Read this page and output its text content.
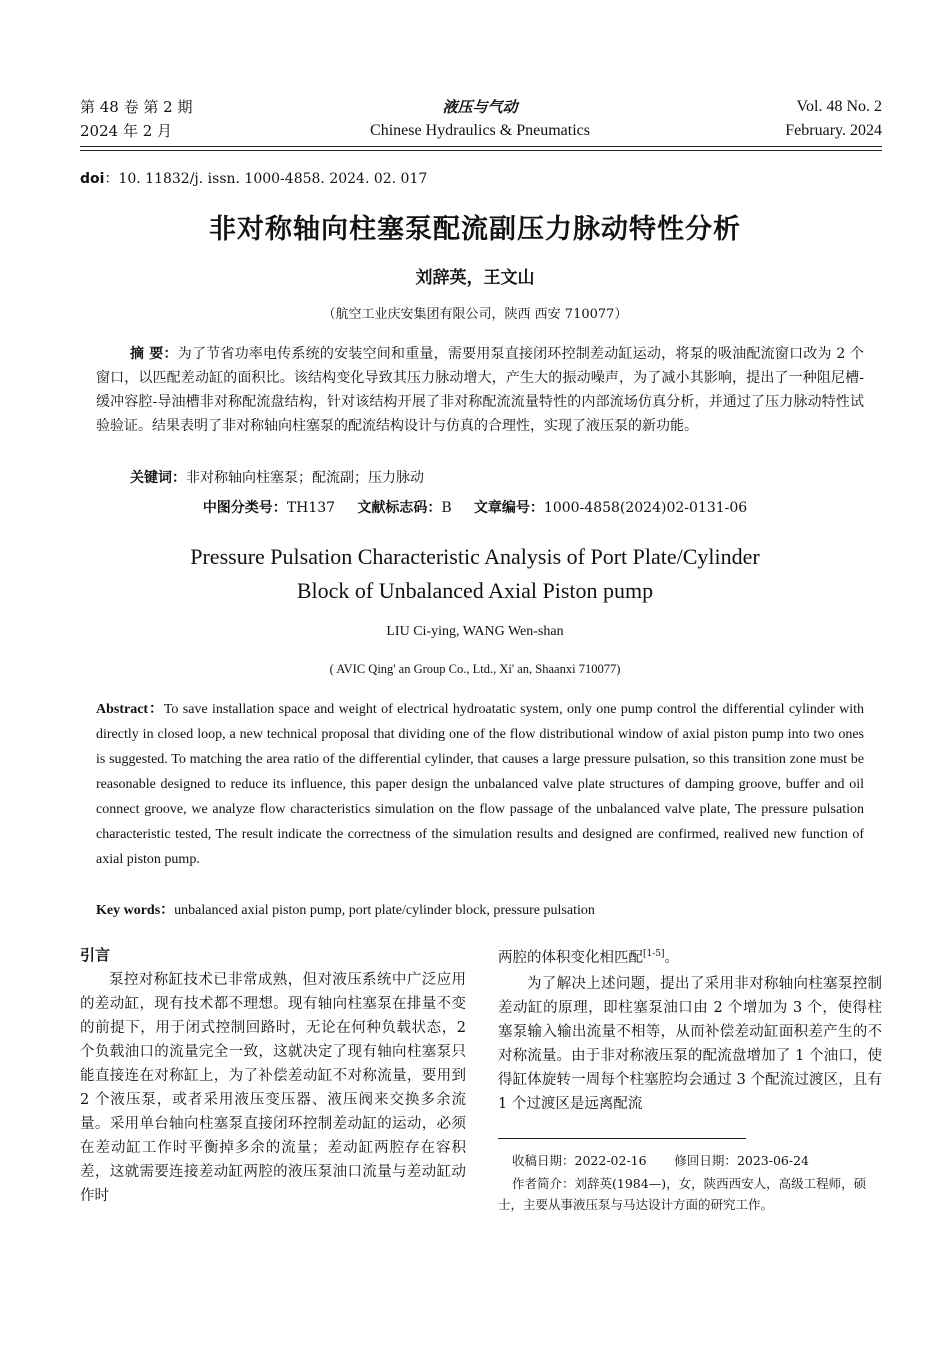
第 48 卷 第 2 期
2024 年 2 月
液压与气动
Chinese Hydraulics & Pneumatics
Vol. 48 No. 2
February. 2024
doi：10. 11832/j. issn. 1000-4858. 2024. 02. 017
非对称轴向柱塞泵配流副压力脉动特性分析
刘辞英，王文山
（航空工业庆安集团有限公司，陕西 西安 710077）
摘 要：为了节省功率电传系统的安装空间和重量，需要用泵直接闭环控制差动缸运动，将泵的吸油配流窗口改为 2 个窗口，以匹配差动缸的面积比。该结构变化导致其压力脉动增大，产生大的振动噪声，为了减小其影响，提出了一种阻尼槽-缓冲容腔-导油槽非对称配流盘结构，针对该结构开展了非对称配流流量特性的内部流场仿真分析，并通过了压力脉动特性试验验证。结果表明了非对称轴向柱塞泵的配流结构设计与仿真的合理性，实现了液压泵的新功能。
关键词：非对称轴向柱塞泵；配流副；压力脉动
中图分类号：TH137 文献标志码：B 文章编号：1000-4858(2024)02-0131-06
Pressure Pulsation Characteristic Analysis of Port Plate/Cylinder
Block of Unbalanced Axial Piston pump
LIU Ci-ying, WANG Wen-shan
( AVIC Qing' an Group Co., Ltd., Xi' an, Shaanxi 710077)
Abstract：To save installation space and weight of electrical hydroatatic system, only one pump control the differential cylinder with directly in closed loop, a new technical proposal that dividing one of the flow distributional window of axial piston pump into two ones is suggested. To matching the area ratio of the differential cylinder, that causes a large pressure pulsation, so this transition zone must be reasonable designed to reduce its influence, this paper design the unbalanced valve plate structures of damping groove, buffer and oil connect groove, we analyze flow characteristics simulation on the flow passage of the unbalanced valve plate, The pressure pulsation characteristic tested, The result indicate the correctness of the simulation results and designed are confirmed, realived new function of axial piston pump.
Key words：unbalanced axial piston pump, port plate/cylinder block, pressure pulsation
引言

泵控对称缸技术已非常成熟，但对液压系统中广泛应用的差动缸，现有技术都不理想。现有轴向柱塞泵在排量不变的前提下，用于闭式控制回路时，无论在何种负载状态，2 个负载油口的流量完全一致，这就决定了现有轴向柱塞泵只能直接连在对称缸上，为了补偿差动缸不对称流量，要用到 2 个液压泵，或者采用液压变压器、液压阀来交换多余流量。采用单台轴向柱塞泵直接闭环控制差动缸的运动，必须在差动缸工作时平衡掉多余的流量；差动缸两腔存在容积差，这就需要连接差动缸两腔的液压泵油口流量与差动缸动作时

两腔的体积变化相匹配[1-5]。

为了解决上述问题，提出了采用非对称轴向柱塞泵控制差动缸的原理，即柱塞泵油口由 2 个增加为 3 个，使得柱塞泵输入输出流量不相等，从而补偿差动缸面积差产生的不对称流量。由于非对称液压泵的配流盘增加了 1 个油口，使得缸体旋转一周每个柱塞腔均会通过 3 个配流过渡区，且有 1 个过渡区是远离配流

收稿日期：2022-02-16 修回日期：2023-06-24
作者简介：刘辞英(1984—)，女，陕西西安人，高级工程师，硕士，主要从事液压泵与马达设计方面的研究工作。
